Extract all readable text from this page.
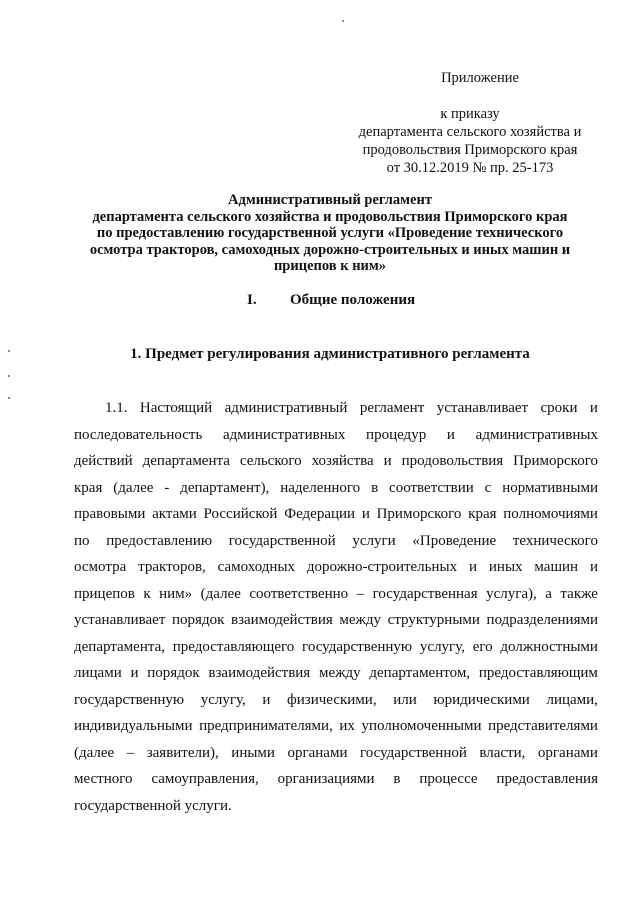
Приложение
к приказу
департамента сельского хозяйства и
продовольствия Приморского края
от 30.12.2019 № пр. 25-173
Административный регламент
департамента сельского хозяйства и продовольствия Приморского края
по предоставлению государственной услуги «Проведение технического
осмотра тракторов, самоходных дорожно-строительных и иных машин и
прицепов к ним»
I. Общие положения
1. Предмет регулирования административного регламента
1.1. Настоящий административный регламент устанавливает сроки и
последовательность административных процедур и административных
действий департамента сельского хозяйства и продовольствия Приморского
края (далее - департамент), наделенного в соответствии с нормативными
правовыми актами Российской Федерации и Приморского края полномочиями
по предоставлению государственной услуги «Проведение технического
осмотра тракторов, самоходных дорожно-строительных и иных машин и
прицепов к ним» (далее соответственно – государственная услуга), а также
устанавливает порядок взаимодействия между структурными подразделениями
департамента, предоставляющего государственную услугу, его должностными
лицами и порядок взаимодействия между департаментом, предоставляющим
государственную услугу, и физическими, или юридическими лицами,
индивидуальными предпринимателями, их уполномоченными представителями
(далее – заявители), иными органами государственной власти, органами
местного самоуправления, организациями в процессе предоставления
государственной услуги.
